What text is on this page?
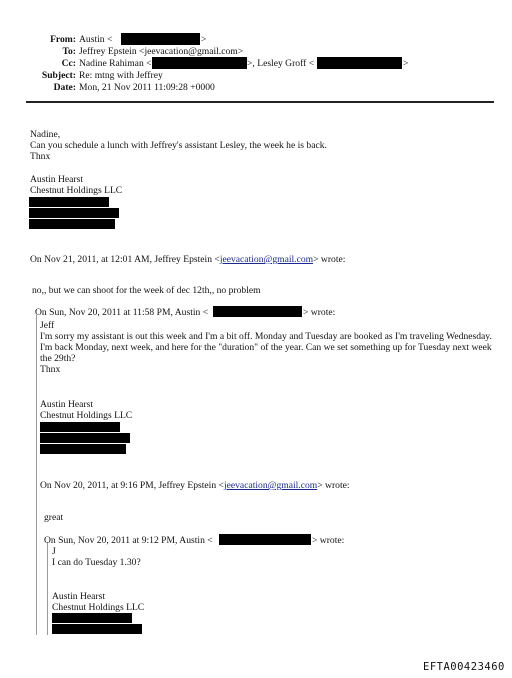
From: Austin <	>
To: Jeffrey Epstein <jeevacation@gmail.com>
Cc: Nadine Rahiman <	>, Lesley Groff <	>
Subject: Re: mtng with Jeffrey
Date: Mon, 21 Nov 2011 11:09:28 +0000
Nadine,
Can you schedule a lunch with Jeffrey's assistant Lesley, the week he is back.
Thnx
Austin Hearst
Chestnut Holdings LLC
On Nov 21, 2011, at 12:01 AM, Jeffrey Epstein <jeevacation@gmail.com> wrote:
no,, but we can shoot for the week of dec 12th,, no problem
On Sun, Nov 20, 2011 at 11:58 PM, Austin <	> wrote:
Jeff
I'm sorry my assistant is out this week and I'm a bit off. Monday and Tuesday are booked as I'm traveling Wednesday. I'm back Monday, next week, and here for the "duration" of the year. Can we set something up for Tuesday next week the 29th?
Thnx
Austin Hearst
Chestnut Holdings LLC
On Nov 20, 2011, at 9:16 PM, Jeffrey Epstein <jeevacation@gmail.com> wrote:
great
On Sun, Nov 20, 2011 at 9:12 PM, Austin <	> wrote:
J
I can do Tuesday 1.30?
Austin Hearst
Chestnut Holdings LLC
EFTA00423460
